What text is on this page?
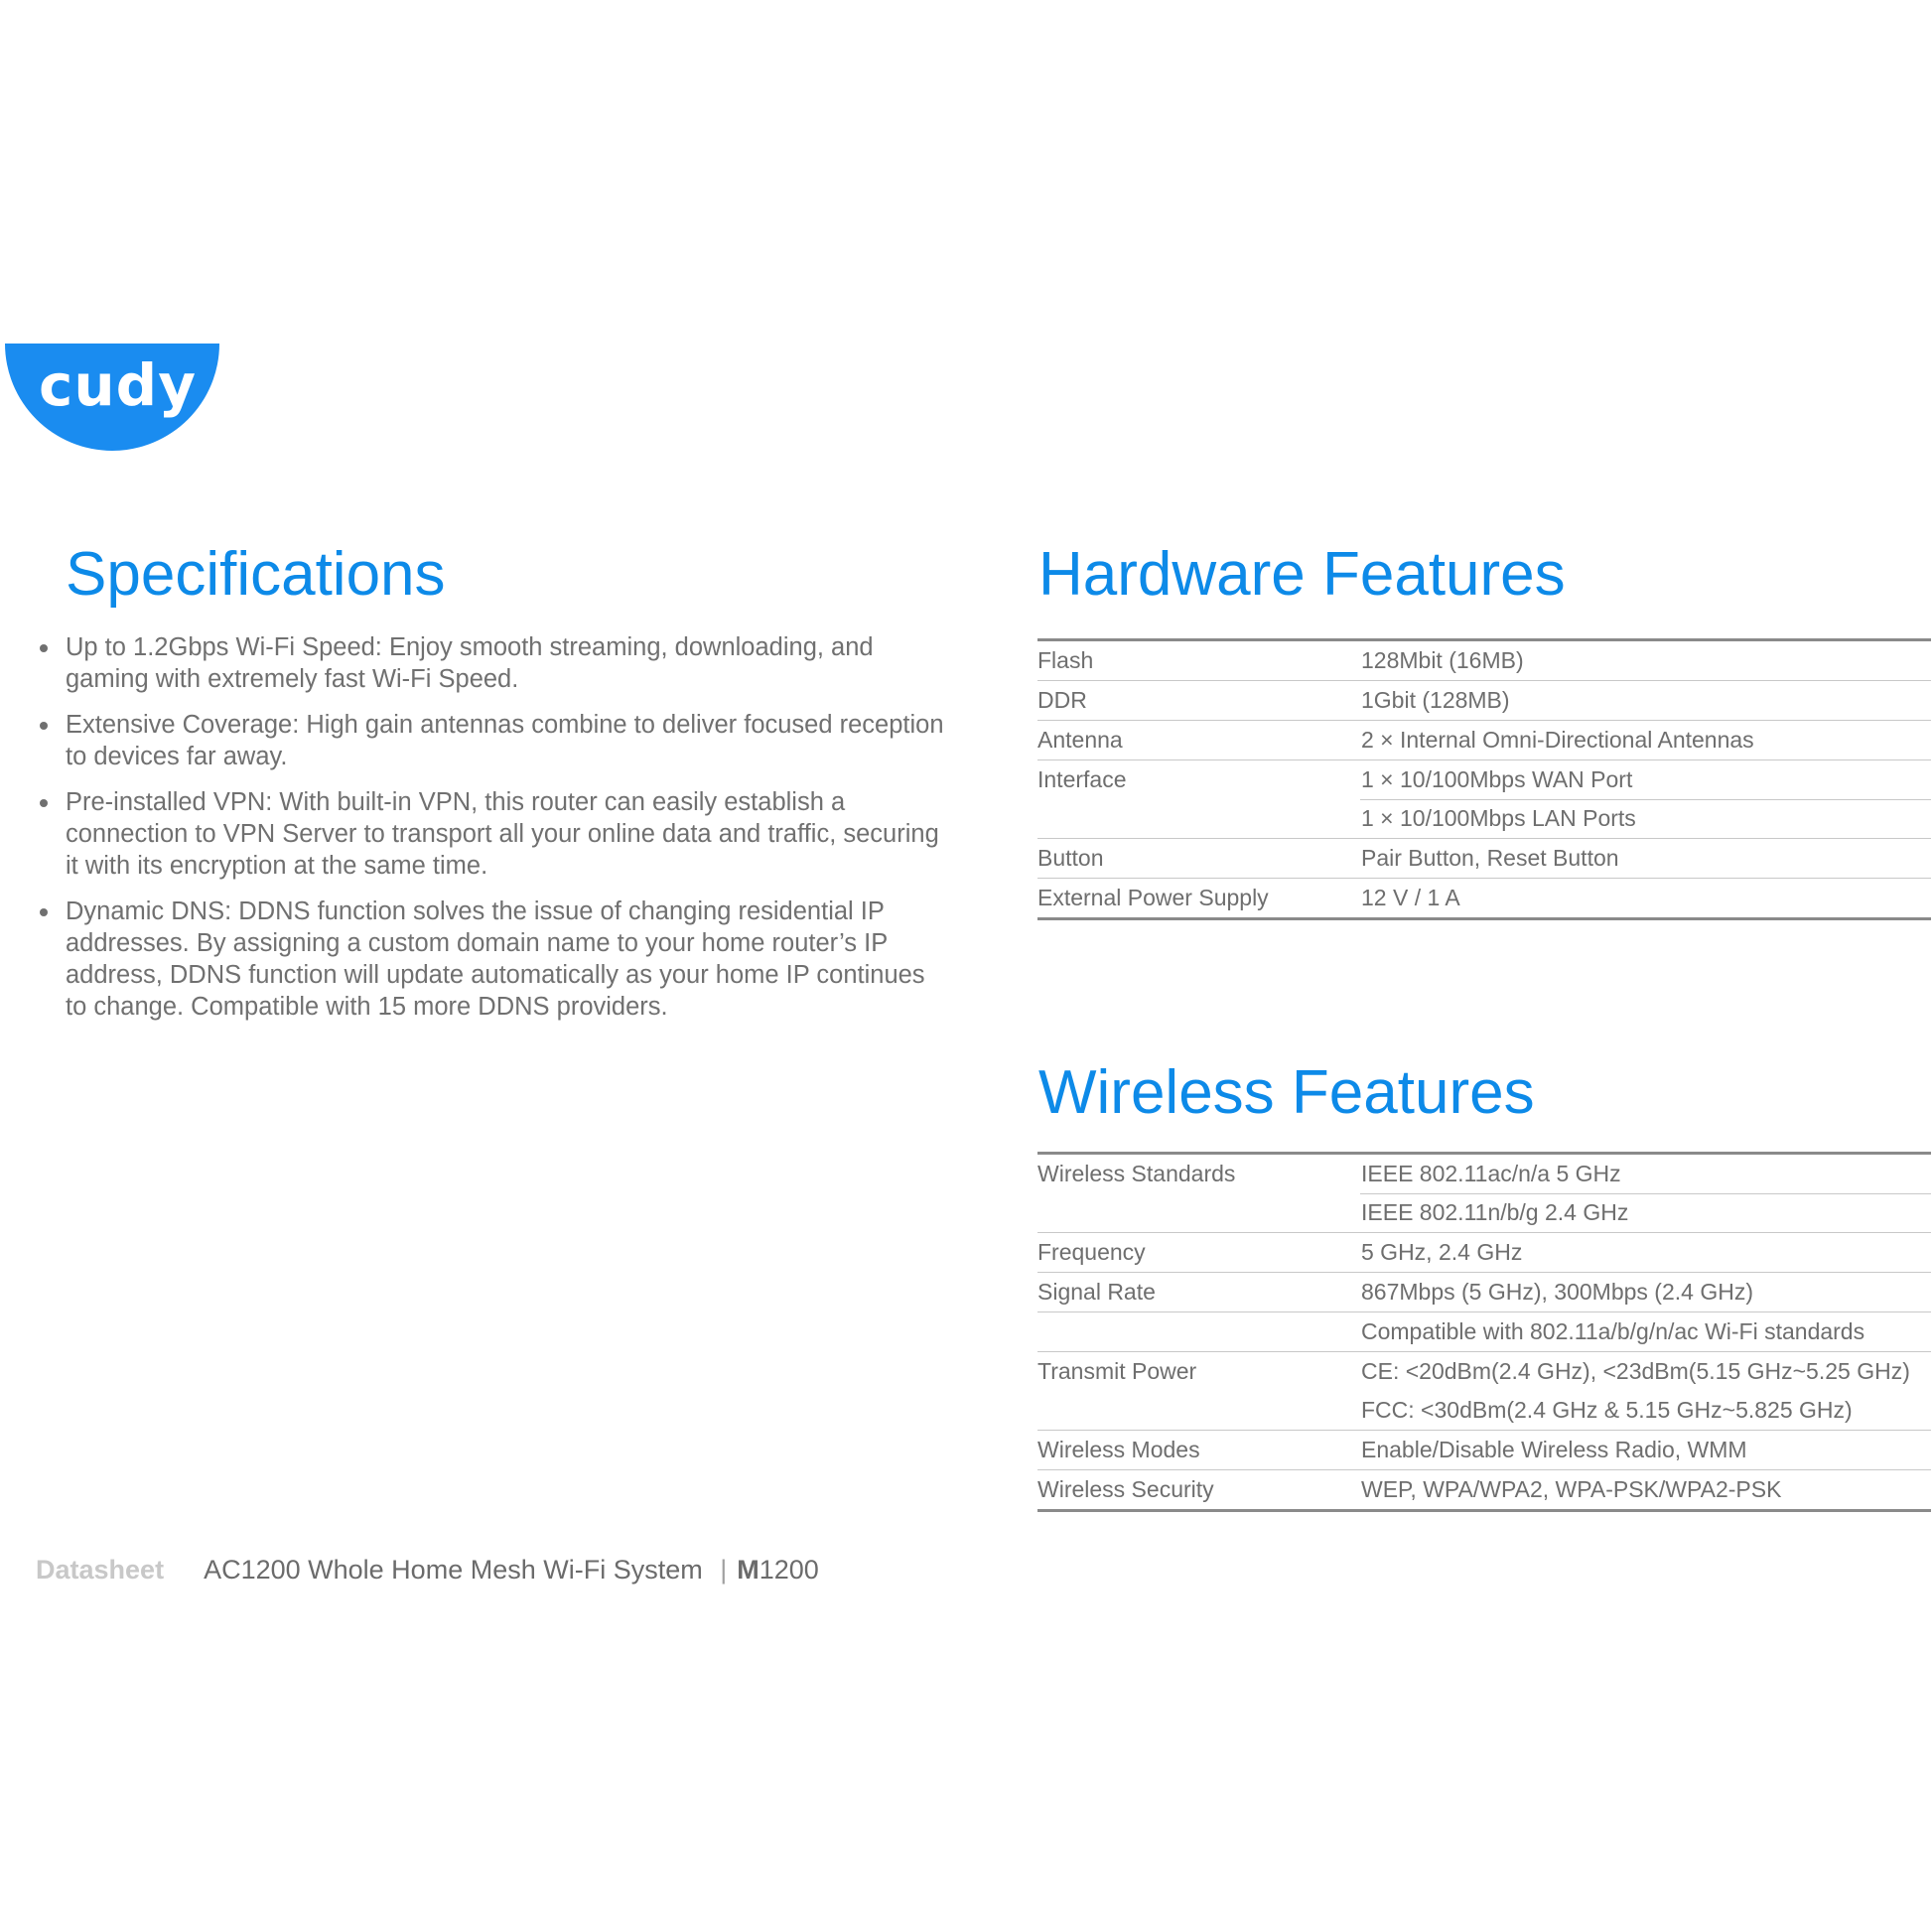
cudy
Specifications
Up to 1.2Gbps Wi-Fi Speed: Enjoy smooth streaming, downloading, and gaming with extremely fast Wi-Fi Speed.
Extensive Coverage: High gain antennas combine to deliver focused reception to devices far away.
Pre-installed VPN: With built-in VPN, this router can easily establish a connection to VPN Server to transport all your online data and traffic, securing it with its encryption at the same time.
Dynamic DNS: DDNS function solves the issue of changing residential IP addresses. By assigning a custom domain name to your home router’s IP address, DDNS function will update automatically as your home IP continues to change. Compatible with 15 more DDNS providers.
Hardware Features
Flash	128Mbit (16MB)
DDR	1Gbit (128MB)
Antenna	2 × Internal Omni-Directional Antennas
Interface	1 × 10/100Mbps WAN Port
1 × 10/100Mbps LAN Ports
Button	Pair Button, Reset Button
External Power Supply	12 V / 1 A
Wireless Features
Wireless Standards	IEEE 802.11ac/n/a 5 GHz
IEEE 802.11n/b/g 2.4 GHz
Frequency	5 GHz, 2.4 GHz
Signal Rate	867Mbps (5 GHz), 300Mbps (2.4 GHz)
Compatible with 802.11a/b/g/n/ac Wi-Fi standards
Transmit Power	CE: <20dBm(2.4 GHz), <23dBm(5.15 GHz~5.25 GHz)
FCC: <30dBm(2.4 GHz & 5.15 GHz~5.825 GHz)
Wireless Modes	Enable/Disable Wireless Radio, WMM
Wireless Security	WEP, WPA/WPA2, WPA-PSK/WPA2-PSK
Datasheet AC1200 Whole Home Mesh Wi-Fi System | M1200
